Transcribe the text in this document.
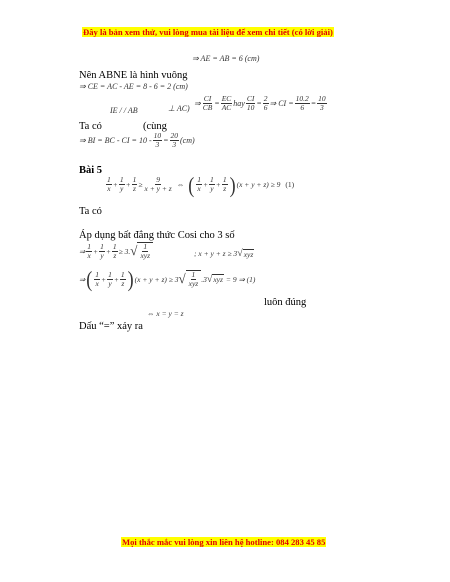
Đây là bản xem thử, vui lòng mua tài liệu để xem chi tiết (có lời giải)
⇒ AE = AB = 6 (cm)
Nên ABNE là hình vuông
⇒ CE = AC - AE = 8 - 6 = 2 (cm)
IE / / AB	⊥ AC)
⇒ $\frac{CI}{CB} = \frac{EC}{AC}$ hay $\frac{CI}{10} = \frac{2}{6}$ ⇒ CI = $\frac{10.2}{6} = \frac{10}{3}$
Ta có	(cùng
⇒ BI = BC - CI = $10 - \frac{10}{3} = \frac{20}{3} (cm)$
Bài 5
$\frac{1}{x} + \frac{1}{y} + \frac{1}{z} \ge \frac{9}{x + y + z}$ ⇔ ( $\frac{1}{x} + \frac{1}{y} + \frac{1}{z}$ ) (x + y + z) ≥ 9 (1)
Ta có
Áp dụng bất đẳng thức Cosi cho 3 số
⇒ $\frac{1}{x} + \frac{1}{y} + \frac{1}{z} \ge 3$. √ $\frac{1}{\text{xyz}}$	; x + y + z ≥ 3 √ xyz
⇒ ( $\frac{1}{x} + \frac{1}{y} + \frac{1}{z}$ ) (x + y + z) ≥ 3 √ $\frac{1}{\text{xyz}} .3$ √ xyz = 9 ⇒ (1)
luôn đúng
⇔ x = y = z
Dấu “=” xảy ra
Mọi thắc mắc vui lòng xin liên hệ hotline: 084 283 45 85
